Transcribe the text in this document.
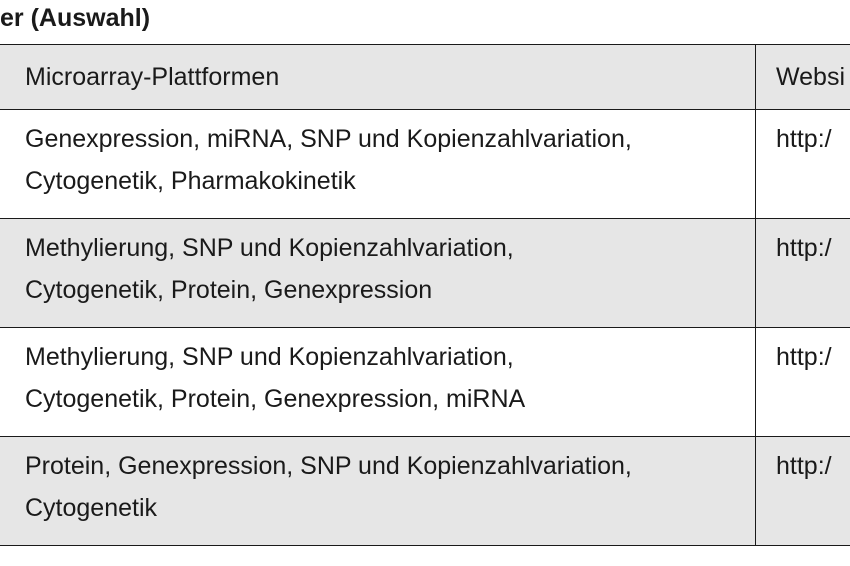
er (Auswahl)
Microarray-Plattformen	Websi

Genexpression, miRNA, SNP und Kopienzahlvariation,
Cytogenetik, Pharmakokinetik	http:/

Methylierung, SNP und Kopienzahlvariation,
Cytogenetik, Protein, Genexpression	http:/

Methylierung, SNP und Kopienzahlvariation,
Cytogenetik, Protein, Genexpression, miRNA	http:/

Protein, Genexpression, SNP und Kopienzahlvariation,
Cytogenetik	http:/
